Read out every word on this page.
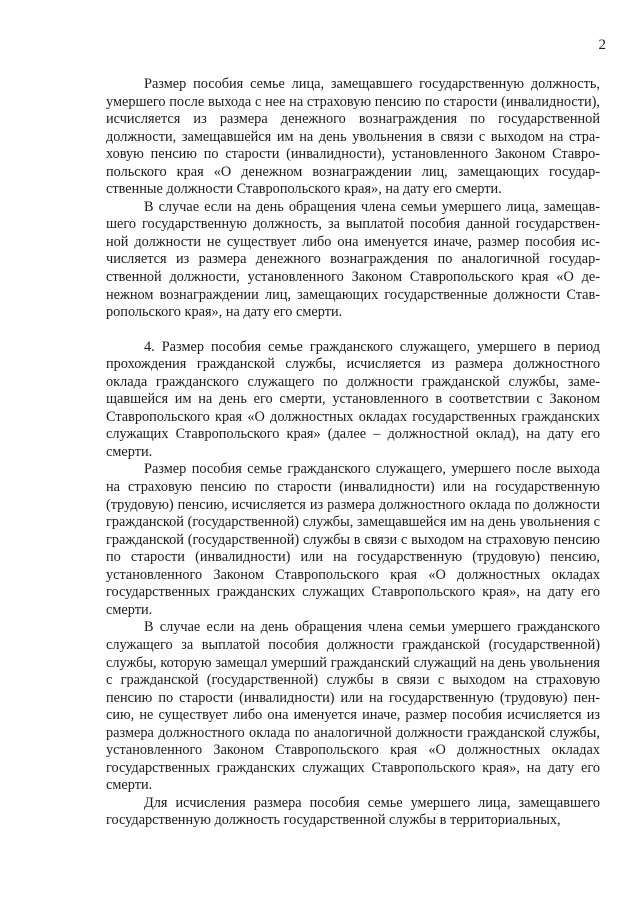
2

Размер пособия семье лица, замещавшего государственную должность, умершего после выхода с нее на страховую пенсию по старости (инвалидности), исчисляется из размера денежного вознаграждения по государственной должности, замещавшейся им на день увольнения в связи с выходом на страховую пенсию по старости (инвалидности), установленного Законом Ставропольского края «О денежном вознаграждении лиц, замещающих государственные должности Ставропольского края», на дату его смерти.

В случае если на день обращения члена семьи умершего лица, замещавшего государственную должность, за выплатой пособия данной государственной должности не существует либо она именуется иначе, размер пособия исчисляется из размера денежного вознаграждения по аналогичной государственной должности, установленного Законом Ставропольского края «О денежном вознаграждении лиц, замещающих государственные должности Ставропольского края», на дату его смерти.

4. Размер пособия семье гражданского служащего, умершего в период прохождения гражданской службы, исчисляется из размера должностного оклада гражданского служащего по должности гражданской службы, замещавшейся им на день его смерти, установленного в соответствии с Законом Ставропольского края «О должностных окладах государственных гражданских служащих Ставропольского края» (далее – должностной оклад), на дату его смерти.

Размер пособия семье гражданского служащего, умершего после выхода на страховую пенсию по старости (инвалидности) или на государственную (трудовую) пенсию, исчисляется из размера должностного оклада по должности гражданской (государственной) службы, замещавшейся им на день увольнения с гражданской (государственной) службы в связи с выходом на страховую пенсию по старости (инвалидности) или на государственную (трудовую) пенсию, установленного Законом Ставропольского края «О должностных окладах государственных гражданских служащих Ставропольского края», на дату его смерти.

В случае если на день обращения члена семьи умершего гражданского служащего за выплатой пособия должности гражданской (государственной) службы, которую замещал умерший гражданский служащий на день увольнения с гражданской (государственной) службы в связи с выходом на страховую пенсию по старости (инвалидности) или на государственную (трудовую) пенсию, не существует либо она именуется иначе, размер пособия исчисляется из размера должностного оклада по аналогичной должности гражданской службы, установленного Законом Ставропольского края «О должностных окладах государственных гражданских служащих Ставропольского края», на дату его смерти.

Для исчисления размера пособия семье умершего лица, замещавшего государственную должность государственной службы в территориальных,
